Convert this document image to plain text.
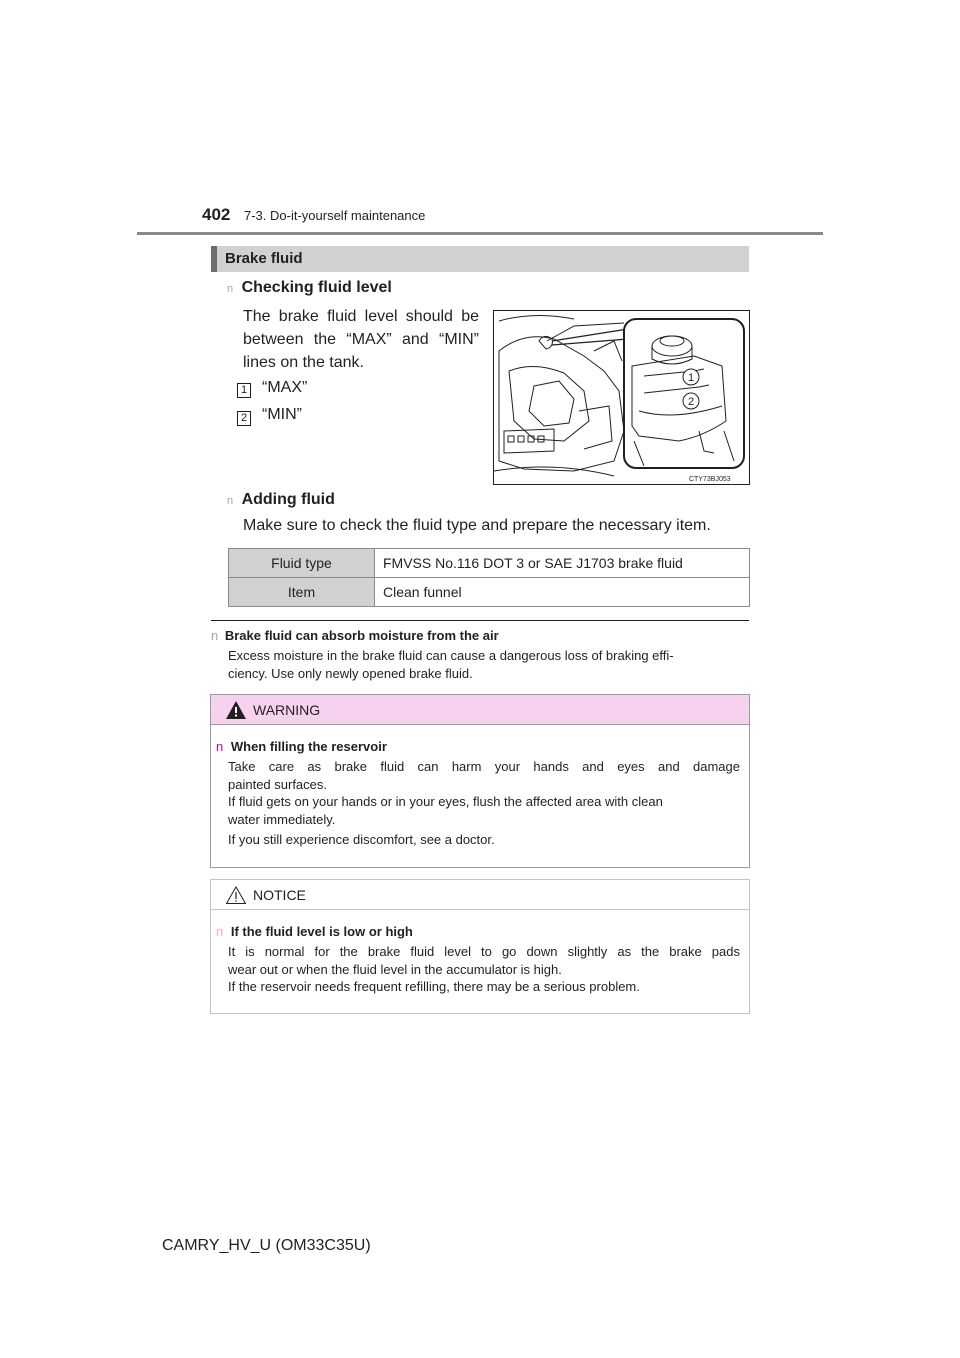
402 7-3. Do-it-yourself maintenance
Brake fluid
n Checking fluid level
The brake fluid level should be
between the “MAX” and “MIN”
lines on the tank.
1 “MAX”
2 “MIN”
1
2
CTY73BJ053
n Adding fluid
Make sure to check the fluid type and prepare the necessary item.
Fluid type	FMVSS No.116 DOT 3 or SAE J1703 brake fluid
Item	Clean funnel
n Brake fluid can absorb moisture from the air
Excess moisture in the brake fluid can cause a dangerous loss of braking effi-
ciency. Use only newly opened brake fluid.
WARNING
n When filling the reservoir
Take care as brake fluid can harm your hands and eyes and damage
painted surfaces.
If fluid gets on your hands or in your eyes, flush the affected area with clean
water immediately.
If you still experience discomfort, see a doctor.
NOTICE
n If the fluid level is low or high
It is normal for the brake fluid level to go down slightly as the brake pads
wear out or when the fluid level in the accumulator is high.
If the reservoir needs frequent refilling, there may be a serious problem.
CAMRY_HV_U (OM33C35U)
